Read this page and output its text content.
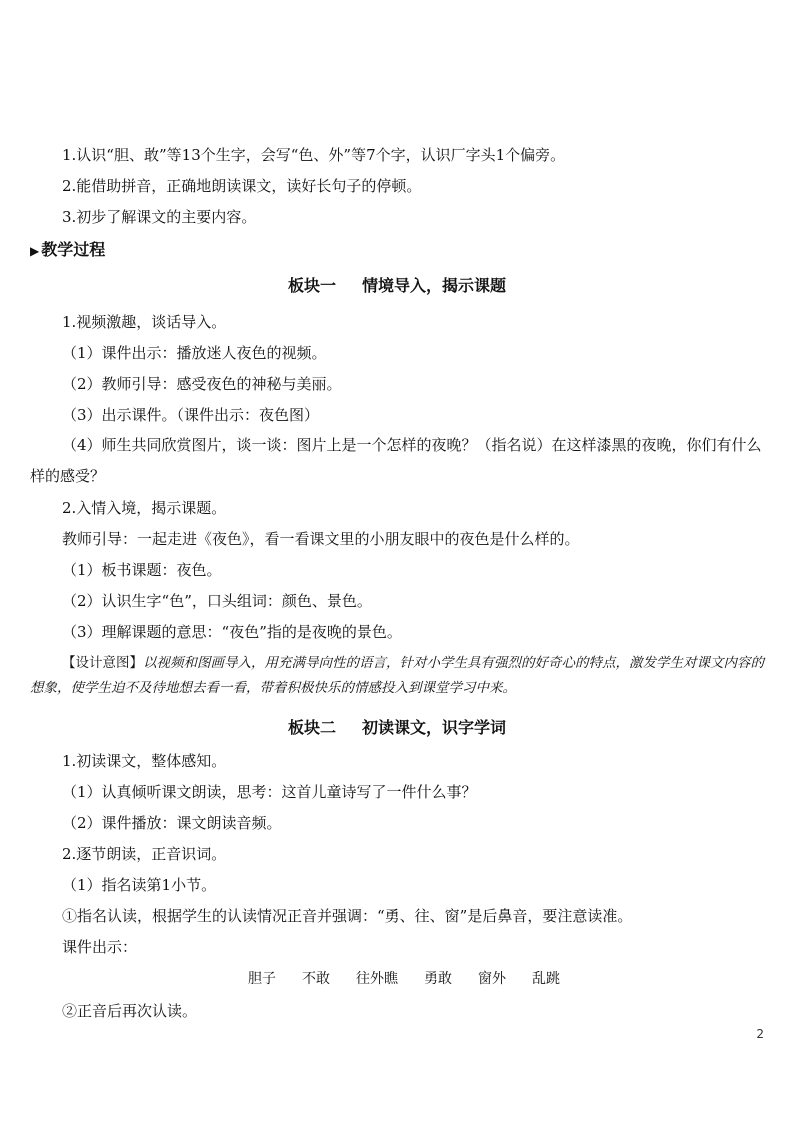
1.认识“胆、敢”等13个生字，会写“色、外”等7个字，认识厂字头1个偏旁。
2.能借助拼音，正确地朗读课文，读好长句子的停顿。
3.初步了解课文的主要内容。
▶ 教学过程
板块一 情境导入，揭示课题
1.视频激趣，谈话导入。
（1）课件出示：播放迷人夜色的视频。
（2）教师引导：感受夜色的神秘与美丽。
（3）出示课件。（课件出示：夜色图）
（4）师生共同欣赏图片，谈一谈：图片上是一个怎样的夜晚？（指名说）在这样漆黑的夜晚，你们有什么样的感受？
2.入情入境，揭示课题。
教师引导：一起走进《夜色》，看一看课文里的小朋友眼中的夜色是什么样的。
（1）板书课题：夜色。
（2）认识生字“色”，口头组词：颜色、景色。
（3）理解课题的意思：“夜色”指的是夜晚的景色。
【设计意图】以视频和图画导入，用充满导向性的语言，针对小学生具有强烈的好奇心的特点，激发学生对课文内容的想象，使学生迫不及待地想去看一看，带着积极快乐的情感投入到课堂学习中来。
板块二 初读课文，识字学词
1.初读课文，整体感知。
（1）认真倾听课文朗读，思考：这首儿童诗写了一件什么事？
（2）课件播放：课文朗读音频。
2.逐节朗读，正音识词。
（1）指名读第1小节。
①指名认读，根据学生的认读情况正音并强调：“勇、往、窗”是后鼻音，要注意读准。
课件出示：
胆子 不敢 往外瞧 勇敢 窗外 乱跳
②正音后再次认读。
2
